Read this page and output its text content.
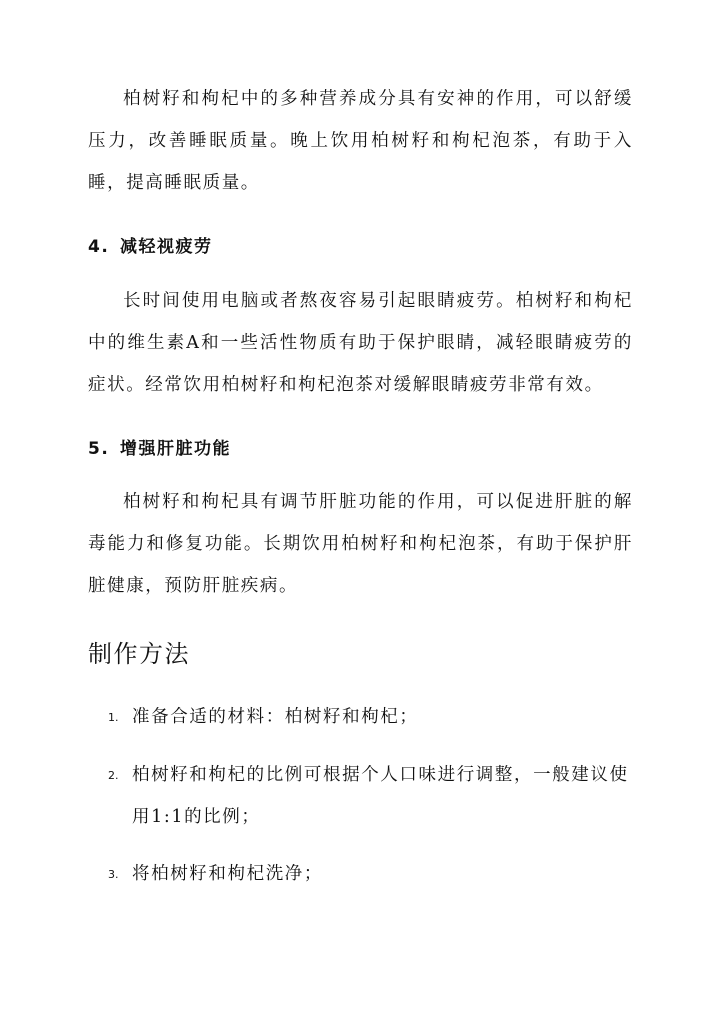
柏树籽和枸杞中的多种营养成分具有安神的作用，可以舒缓压力，改善睡眠质量。晚上饮用柏树籽和枸杞泡茶，有助于入睡，提高睡眠质量。

4. 减轻视疲劳

长时间使用电脑或者熬夜容易引起眼睛疲劳。柏树籽和枸杞中的维生素A和一些活性物质有助于保护眼睛，减轻眼睛疲劳的症状。经常饮用柏树籽和枸杞泡茶对缓解眼睛疲劳非常有效。

5. 增强肝脏功能

柏树籽和枸杞具有调节肝脏功能的作用，可以促进肝脏的解毒能力和修复功能。长期饮用柏树籽和枸杞泡茶，有助于保护肝脏健康，预防肝脏疾病。

制作方法
1. 准备合适的材料：柏树籽和枸杞；
2. 柏树籽和枸杞的比例可根据个人口味进行调整，一般建议使用1:1的比例；
3. 将柏树籽和枸杞洗净；
